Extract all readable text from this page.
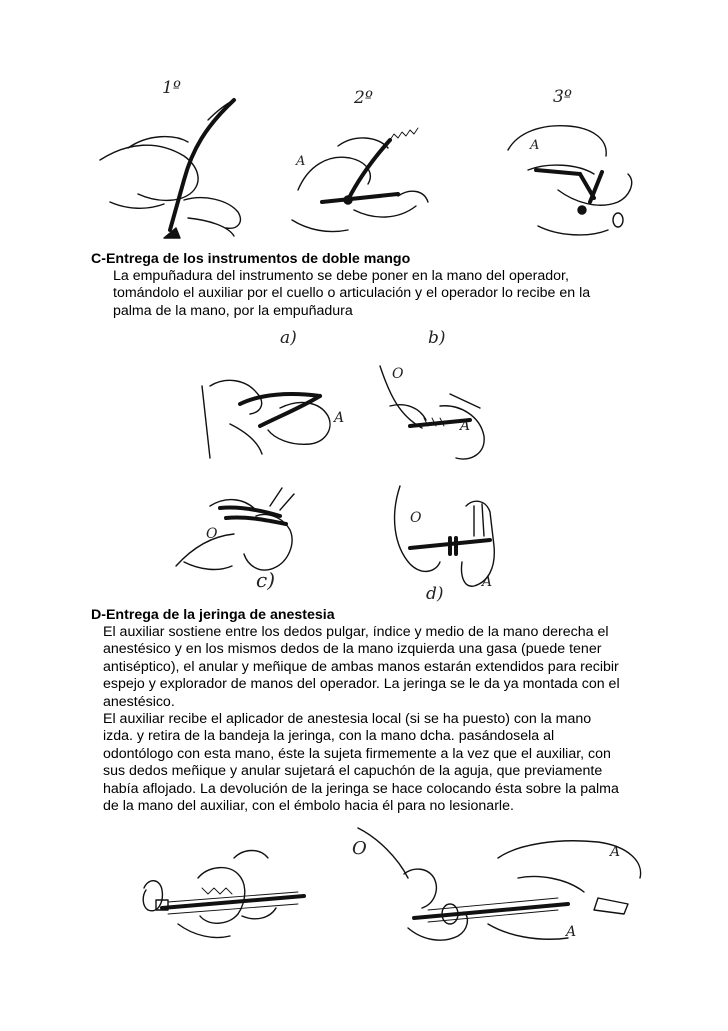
1º	2º	3º
A
A
C-Entrega de los instrumentos de doble mango
La empuñadura del instrumento se debe poner en la mano del operador,
tomándolo el auxiliar por el cuello o articulación y el operador lo recibe en la
palma de la mano, por la empuñadura
a)	b)
c)
d)
A
O
A
O
O
A
D-Entrega de la jeringa de anestesia
El auxiliar sostiene entre los dedos pulgar, índice y medio de la mano derecha el
anestésico y en los mismos dedos de la mano izquierda una gasa (puede tener
antiséptico), el anular y meñique de ambas manos estarán extendidos para recibir
espejo y explorador de manos del operador. La jeringa se le da ya montada con el
anestésico.
El auxiliar recibe el aplicador de anestesia local (si se ha puesto) con la mano
izda. y retira de la bandeja la jeringa, con la mano dcha. pasándosela al
odontólogo con esta mano, éste la sujeta firmemente a la vez que el auxiliar, con
sus dedos meñique y anular sujetará el capuchón de la aguja, que previamente
había aflojado. La devolución de la jeringa se hace colocando ésta sobre la palma
de la mano del auxiliar, con el émbolo hacia él para no lesionarle.
O	A
A
